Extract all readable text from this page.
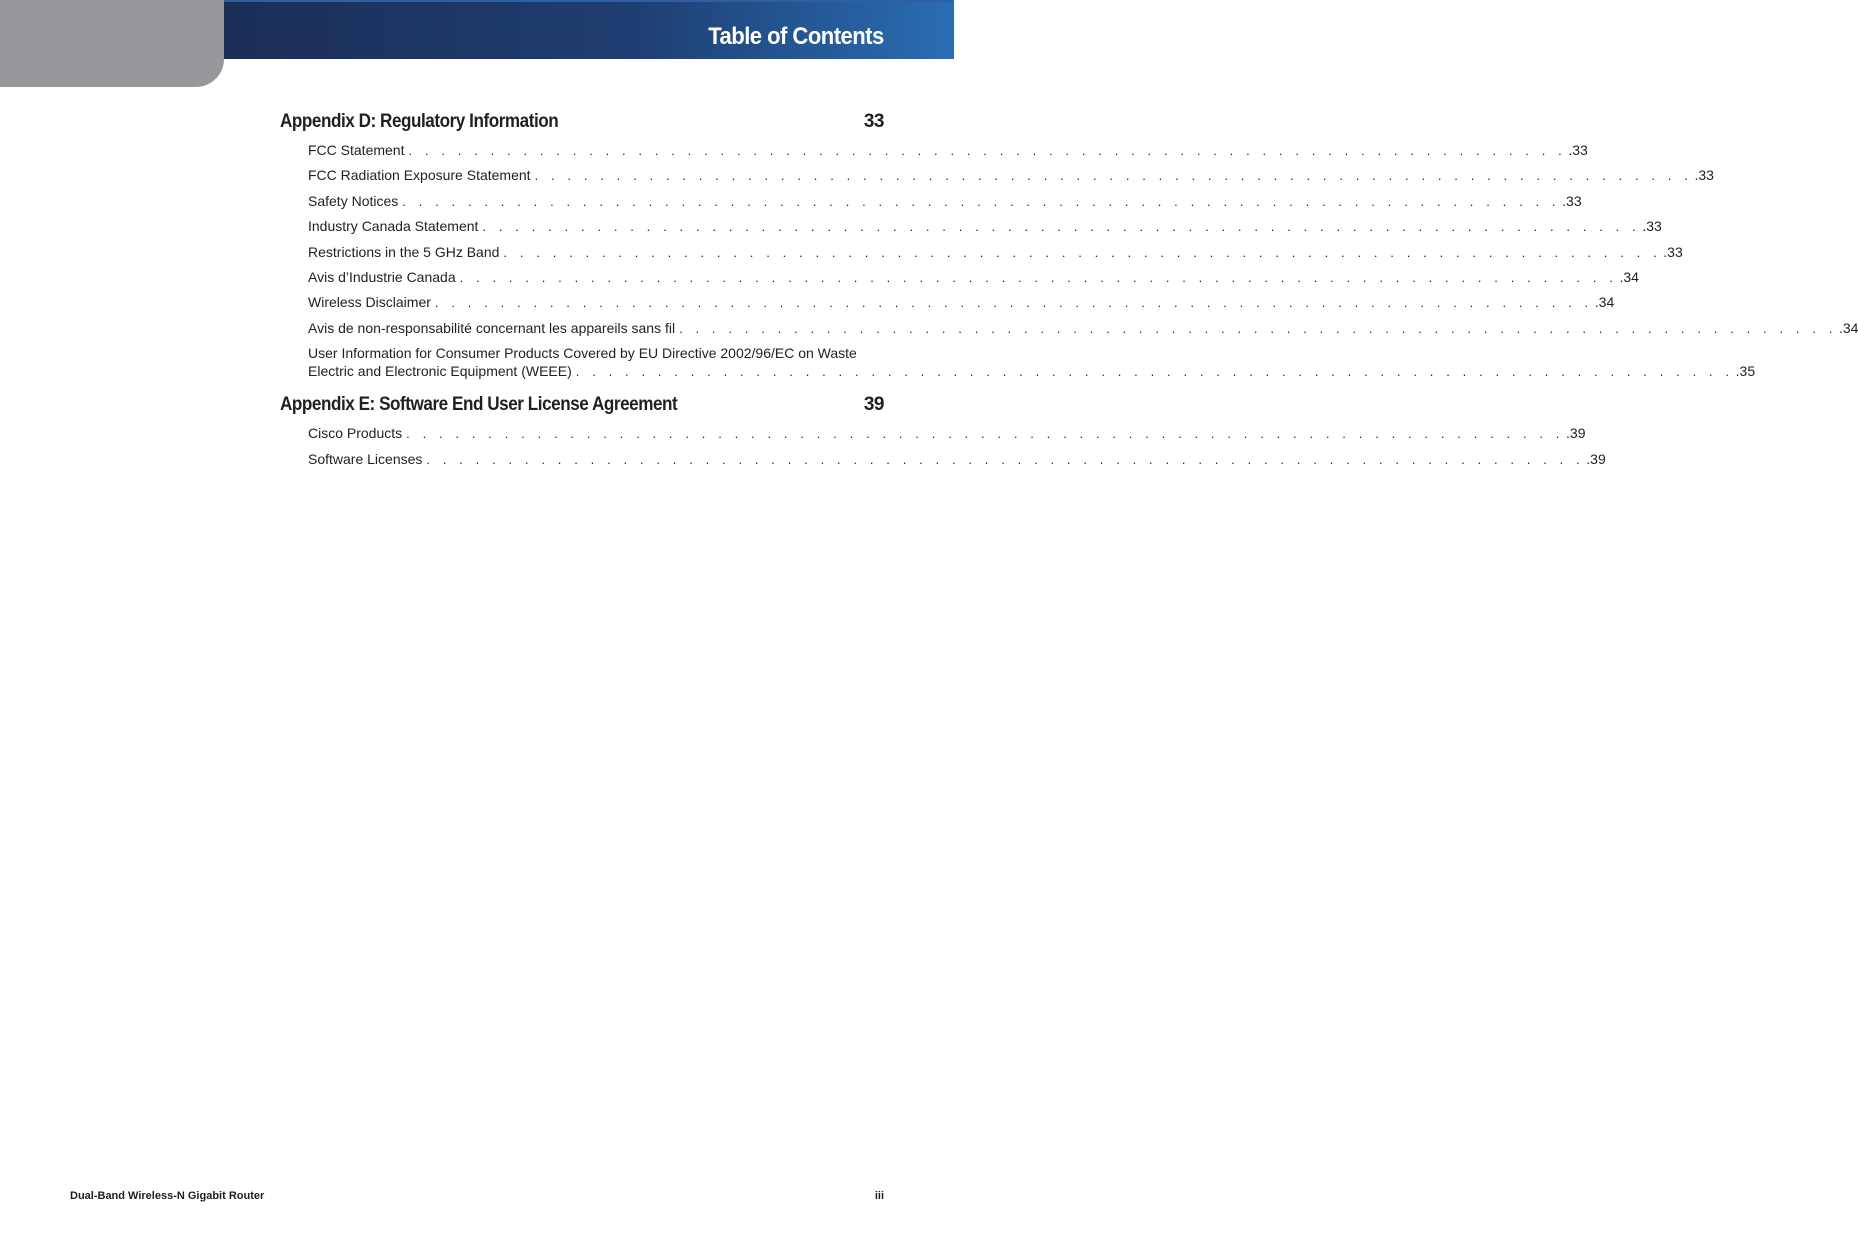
Table of Contents
Appendix D: Regulatory Information	33
FCC Statement . . . . . . . . . . . . . . . . . . . . . . . . . . . . . . . . . . . . . . . . . . . . . . . . . . . . . . . . . . . . . . . . . . . . . . . .33
FCC Radiation Exposure Statement . . . . . . . . . . . . . . . . . . . . . . . . . . . . . . . . . . . . . . . . . . . . . . . . . . . . . . . . . . . . . . . . . . . . . . . .33
Safety Notices . . . . . . . . . . . . . . . . . . . . . . . . . . . . . . . . . . . . . . . . . . . . . . . . . . . . . . . . . . . . . . . . . . . . . . . .33
Industry Canada Statement . . . . . . . . . . . . . . . . . . . . . . . . . . . . . . . . . . . . . . . . . . . . . . . . . . . . . . . . . . . . . . . . . . . . . . . .33
Restrictions in the 5 GHz Band . . . . . . . . . . . . . . . . . . . . . . . . . . . . . . . . . . . . . . . . . . . . . . . . . . . . . . . . . . . . . . . . . . . . . . . .33
Avis d’Industrie Canada . . . . . . . . . . . . . . . . . . . . . . . . . . . . . . . . . . . . . . . . . . . . . . . . . . . . . . . . . . . . . . . . . . . . . . . .34
Wireless Disclaimer . . . . . . . . . . . . . . . . . . . . . . . . . . . . . . . . . . . . . . . . . . . . . . . . . . . . . . . . . . . . . . . . . . . . . . . .34
Avis de non-responsabilité concernant les appareils sans fil . . . . . . . . . . . . . . . . . . . . . . . . . . . . . . . . . . . . . . . . . . . . . . . . . . . . . . . . . . . . . . . . . . . . . . . .34
User Information for Consumer Products Covered by EU Directive 2002/96/EC on Waste
Electric and Electronic Equipment (WEEE) . . . . . . . . . . . . . . . . . . . . . . . . . . . . . . . . . . . . . . . . . . . . . . . . . . . . . . . . . . . . . . . . . . . . . . . .35
Appendix E: Software End User License Agreement	39
Cisco Products . . . . . . . . . . . . . . . . . . . . . . . . . . . . . . . . . . . . . . . . . . . . . . . . . . . . . . . . . . . . . . . . . . . . . . . .39
Software Licenses . . . . . . . . . . . . . . . . . . . . . . . . . . . . . . . . . . . . . . . . . . . . . . . . . . . . . . . . . . . . . . . . . . . . . . . .39
Dual-Band Wireless-N Gigabit Router	iii
